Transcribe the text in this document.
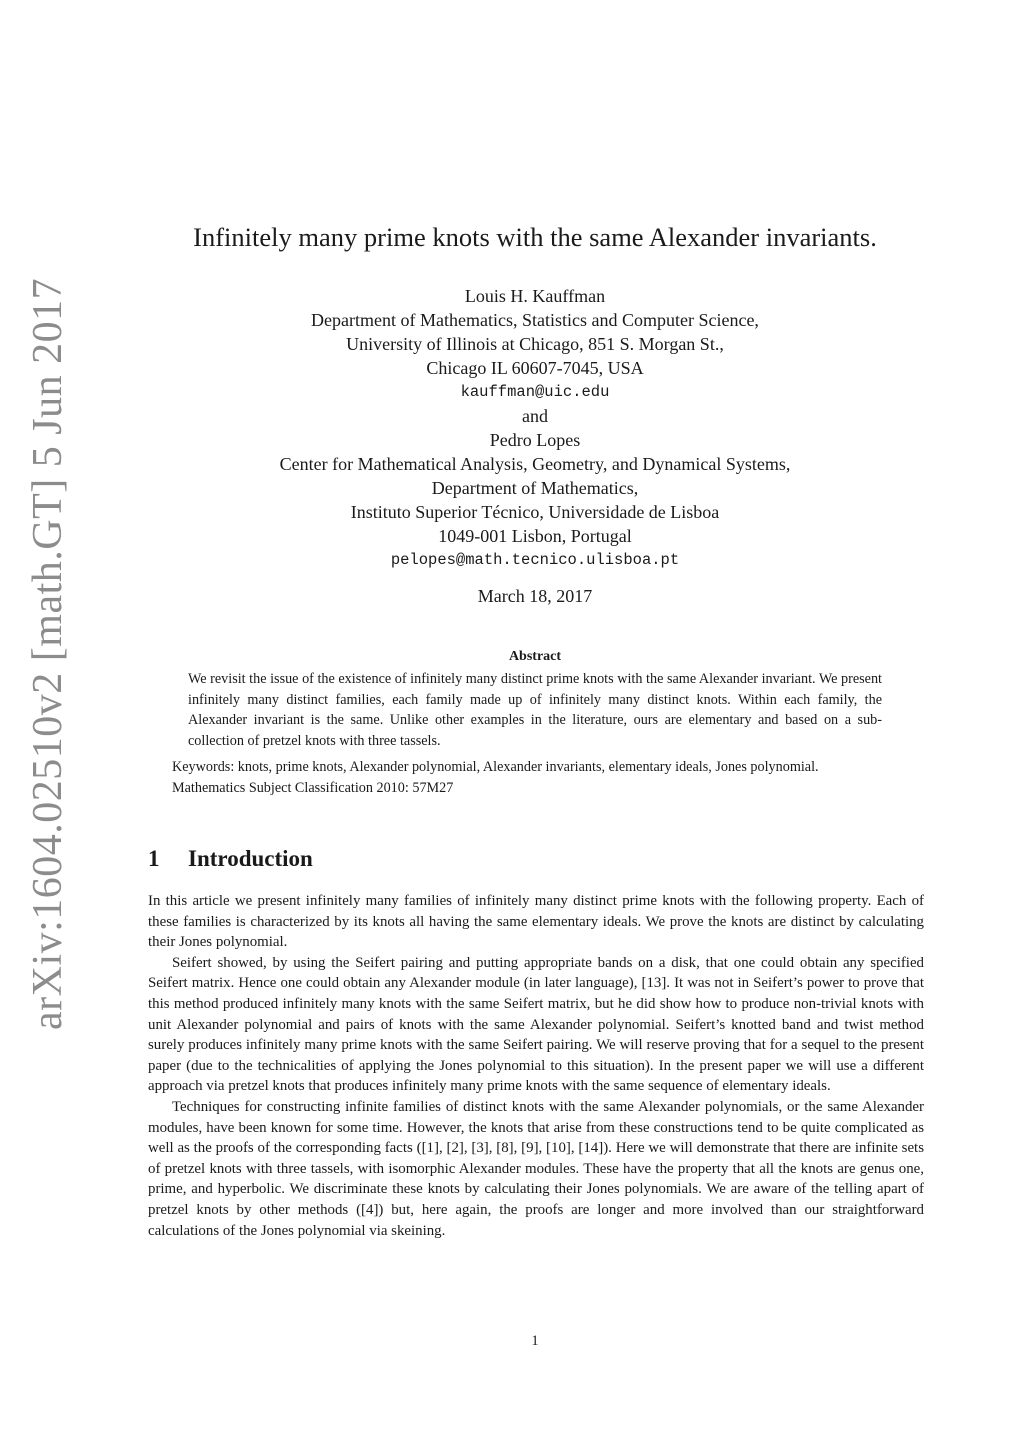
arXiv:1604.02510v2 [math.GT] 5 Jun 2017
Infinitely many prime knots with the same Alexander invariants.
Louis H. Kauffman
Department of Mathematics, Statistics and Computer Science,
University of Illinois at Chicago, 851 S. Morgan St.,
Chicago IL 60607-7045, USA
kauffman@uic.edu
and
Pedro Lopes
Center for Mathematical Analysis, Geometry, and Dynamical Systems,
Department of Mathematics,
Instituto Superior Técnico, Universidade de Lisboa
1049-001 Lisbon, Portugal
pelopes@math.tecnico.ulisboa.pt
March 18, 2017
Abstract
We revisit the issue of the existence of infinitely many distinct prime knots with the same Alexander invariant. We present infinitely many distinct families, each family made up of infinitely many distinct knots. Within each family, the Alexander invariant is the same. Unlike other examples in the literature, ours are elementary and based on a sub-collection of pretzel knots with three tassels.

Keywords: knots, prime knots, Alexander polynomial, Alexander invariants, elementary ideals, Jones polynomial.

Mathematics Subject Classification 2010: 57M27

1 Introduction

In this article we present infinitely many families of infinitely many distinct prime knots with the following property. Each of these families is characterized by its knots all having the same elementary ideals. We prove the knots are distinct by calculating their Jones polynomial.

Seifert showed, by using the Seifert pairing and putting appropriate bands on a disk, that one could obtain any specified Seifert matrix. Hence one could obtain any Alexander module (in later language), [13]. It was not in Seifert’s power to prove that this method produced infinitely many knots with the same Seifert matrix, but he did show how to produce non-trivial knots with unit Alexander polynomial and pairs of knots with the same Alexander polynomial. Seifert’s knotted band and twist method surely produces infinitely many prime knots with the same Seifert pairing. We will reserve proving that for a sequel to the present paper (due to the technicalities of applying the Jones polynomial to this situation). In the present paper we will use a different approach via pretzel knots that produces infinitely many prime knots with the same sequence of elementary ideals.

Techniques for constructing infinite families of distinct knots with the same Alexander polynomials, or the same Alexander modules, have been known for some time. However, the knots that arise from these constructions tend to be quite complicated as well as the proofs of the corresponding facts ([1], [2], [3], [8], [9], [10], [14]). Here we will demonstrate that there are infinite sets of pretzel knots with three tassels, with isomorphic Alexander modules. These have the property that all the knots are genus one, prime, and hyperbolic. We discriminate these knots by calculating their Jones polynomials. We are aware of the telling apart of pretzel knots by other methods ([4]) but, here again, the proofs are longer and more involved than our straightforward calculations of the Jones polynomial via skeining.

1
